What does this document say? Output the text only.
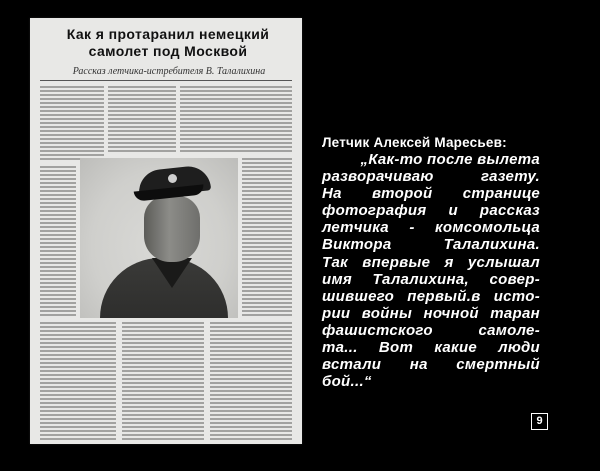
Как я протаранил немецкий
самолет под Москвой
Рассказ летчика-истребителя В. Талалихина
Летчик Алексей Маресьев:
„Как-то после вылета
разворачиваю газету.
На второй странице
фотография и рассказ
летчика - комсомольца
Виктора Талалихина.
Так впервые я услышал
имя Талалихина, совер-
шившего первый.в исто-
рии войны ночной таран
фашистского самоле-
та... Вот какие люди
встали на смертный
бой...“
9
